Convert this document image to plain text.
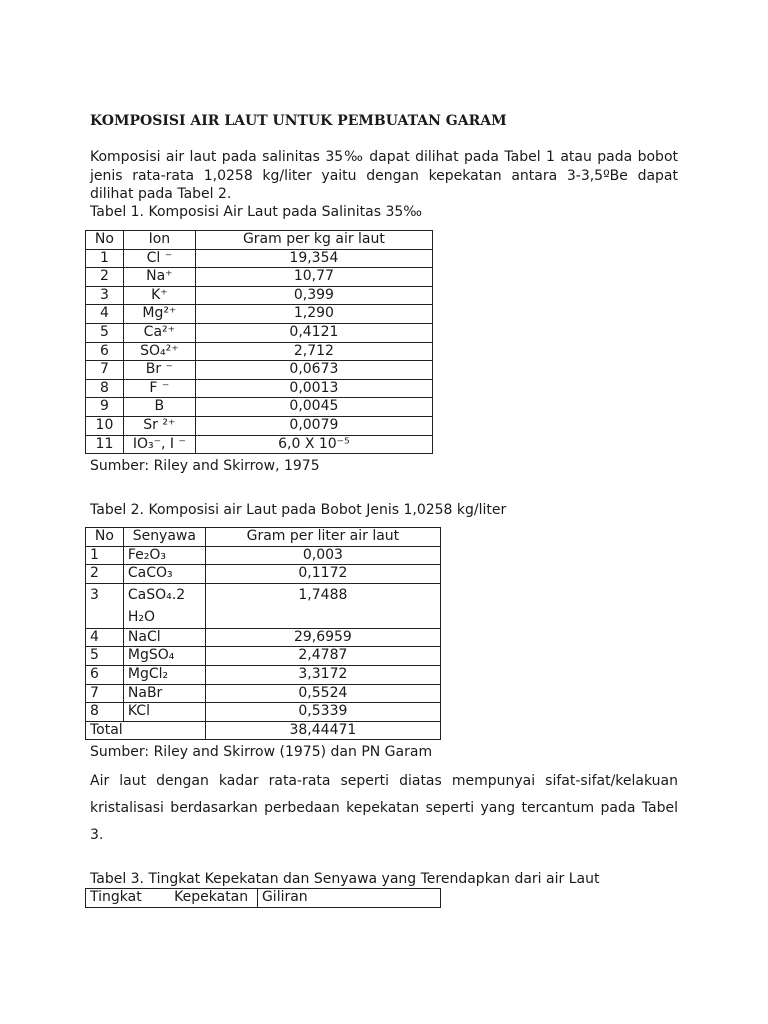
KOMPOSISI AIR LAUT UNTUK PEMBUATAN GARAM
Komposisi air laut pada salinitas 35‰ dapat dilihat pada Tabel 1 atau pada bobot jenis rata-rata 1,0258 kg/liter yaitu dengan kepekatan antara 3-3,5ºBe dapat dilihat pada Tabel 2.
Tabel 1. Komposisi Air Laut pada Salinitas 35‰
No	Ion	Gram per kg air laut
1	Cl ⁻	19,354
2	Na⁺	10,77
3	K⁺	0,399
4	Mg²⁺	1,290
5	Ca²⁺	0,4121
6	SO₄²⁺	2,712
7	Br ⁻	0,0673
8	F ⁻	0,0013
9	B	0,0045
10	Sr ²⁺	0,0079
11	IO₃⁻, I ⁻	6,0 X 10⁻⁵
Sumber: Riley and Skirrow, 1975
Tabel 2. Komposisi air Laut pada Bobot Jenis 1,0258 kg/liter
No	Senyawa	Gram per liter air laut
1	Fe₂O₃	0,003
2	CaCO₃	0,1172
3	CaSO₄.2
H₂O	1,7488
4	NaCl	29,6959
5	MgSO₄	2,4787
6	MgCl₂	3,3172
7	NaBr	0,5524
8	KCl	0,5339
Total		38,44471
Sumber: Riley and Skirrow (1975) dan PN Garam
Air laut dengan kadar rata-rata seperti diatas mempunyai sifat-sifat/kelakuan kristalisasi berdasarkan perbedaan kepekatan seperti yang tercantum pada Tabel 3.
Tabel 3. Tingkat Kepekatan dan Senyawa yang Terendapkan dari air Laut
Tingkat Kepekatan	Giliran
